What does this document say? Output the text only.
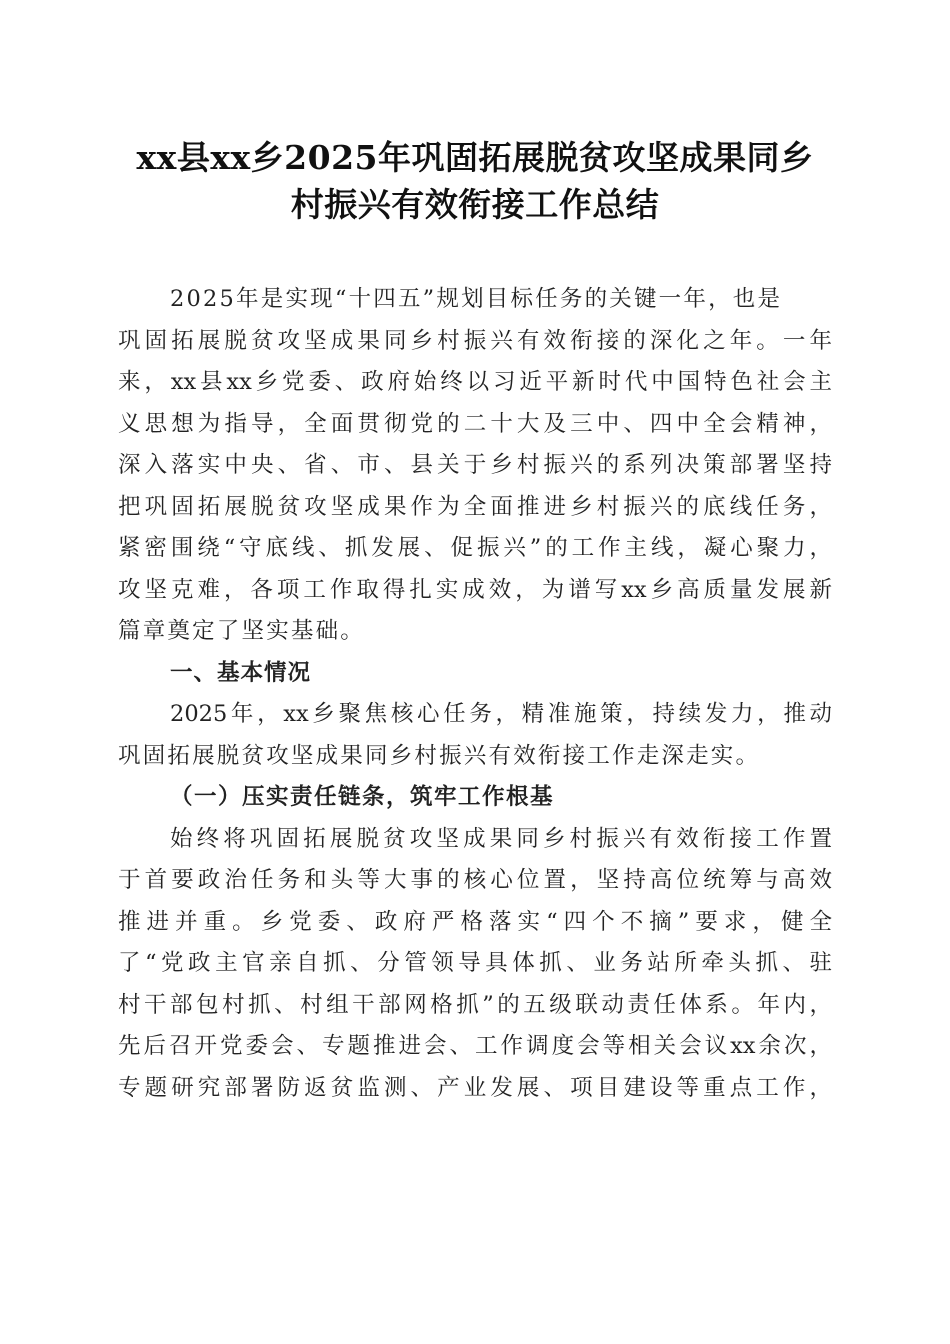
xx县xx乡2025年巩固拓展脱贫攻坚成果同乡
村振兴有效衔接工作总结
2025年是实现“十四五”规划目标任务的关键一年，也是
巩固拓展脱贫攻坚成果同乡村振兴有效衔接的深化之年。一年
来，xx县xx乡党委、政府始终以习近平新时代中国特色社会主
义思想为指导，全面贯彻党的二十大及三中、四中全会精神，
深入落实中央、省、市、县关于乡村振兴的系列决策部署坚持
把巩固拓展脱贫攻坚成果作为全面推进乡村振兴的底线任务，
紧密围绕“守底线、抓发展、促振兴”的工作主线，凝心聚力，
攻坚克难，各项工作取得扎实成效，为谱写xx乡高质量发展新
篇章奠定了坚实基础。
一、基本情况
2025年，xx乡聚焦核心任务，精准施策，持续发力，推动
巩固拓展脱贫攻坚成果同乡村振兴有效衔接工作走深走实。
（一）压实责任链条，筑牢工作根基
始终将巩固拓展脱贫攻坚成果同乡村振兴有效衔接工作置
于首要政治任务和头等大事的核心位置，坚持高位统筹与高效
推进并重。乡党委、政府严格落实“四个不摘”要求，健全
了“党政主官亲自抓、分管领导具体抓、业务站所牵头抓、驻
村干部包村抓、村组干部网格抓”的五级联动责任体系。年内，
先后召开党委会、专题推进会、工作调度会等相关会议xx余次，
专题研究部署防返贫监测、产业发展、项目建设等重点工作，
